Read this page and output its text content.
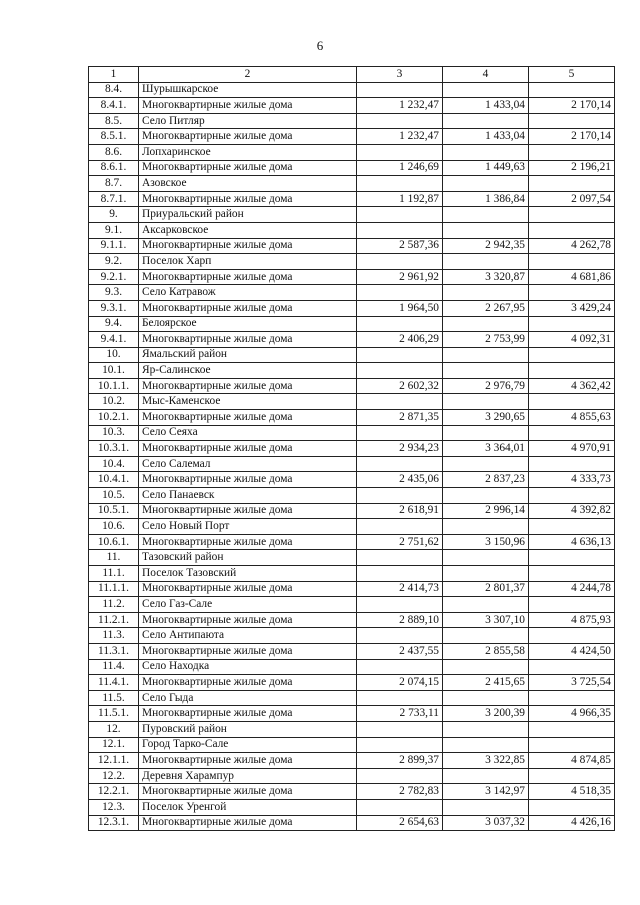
6
1	2	3	4	5
8.4.	Шурышкарское			
8.4.1.	Многоквартирные жилые дома	1 232,47	1 433,04	2 170,14
8.5.	Село Питляр			
8.5.1.	Многоквартирные жилые дома	1 232,47	1 433,04	2 170,14
8.6.	Лопхаринское			
8.6.1.	Многоквартирные жилые дома	1 246,69	1 449,63	2 196,21
8.7.	Азовское			
8.7.1.	Многоквартирные жилые дома	1 192,87	1 386,84	2 097,54
9.	Приуральский район			
9.1.	Аксарковское			
9.1.1.	Многоквартирные жилые дома	2 587,36	2 942,35	4 262,78
9.2.	Поселок Харп			
9.2.1.	Многоквартирные жилые дома	2 961,92	3 320,87	4 681,86
9.3.	Село Катравож			
9.3.1.	Многоквартирные жилые дома	1 964,50	2 267,95	3 429,24
9.4.	Белоярское			
9.4.1.	Многоквартирные жилые дома	2 406,29	2 753,99	4 092,31
10.	Ямальский район			
10.1.	Яр-Салинское			
10.1.1.	Многоквартирные жилые дома	2 602,32	2 976,79	4 362,42
10.2.	Мыс-Каменское			
10.2.1.	Многоквартирные жилые дома	2 871,35	3 290,65	4 855,63
10.3.	Село Сеяха			
10.3.1.	Многоквартирные жилые дома	2 934,23	3 364,01	4 970,91
10.4.	Село Салемал			
10.4.1.	Многоквартирные жилые дома	2 435,06	2 837,23	4 333,73
10.5.	Село Панаевск			
10.5.1.	Многоквартирные жилые дома	2 618,91	2 996,14	4 392,82
10.6.	Село Новый Порт			
10.6.1.	Многоквартирные жилые дома	2 751,62	3 150,96	4 636,13
11.	Тазовский район			
11.1.	Поселок Тазовский			
11.1.1.	Многоквартирные жилые дома	2 414,73	2 801,37	4 244,78
11.2.	Село Газ-Сале			
11.2.1.	Многоквартирные жилые дома	2 889,10	3 307,10	4 875,93
11.3.	Село Антипаюта			
11.3.1.	Многоквартирные жилые дома	2 437,55	2 855,58	4 424,50
11.4.	Село Находка			
11.4.1.	Многоквартирные жилые дома	2 074,15	2 415,65	3 725,54
11.5.	Село Гыда			
11.5.1.	Многоквартирные жилые дома	2 733,11	3 200,39	4 966,35
12.	Пуровский район			
12.1.	Город Тарко-Сале			
12.1.1.	Многоквартирные жилые дома	2 899,37	3 322,85	4 874,85
12.2.	Деревня Харампур			
12.2.1.	Многоквартирные жилые дома	2 782,83	3 142,97	4 518,35
12.3.	Поселок Уренгой			
12.3.1.	Многоквартирные жилые дома	2 654,63	3 037,32	4 426,16
